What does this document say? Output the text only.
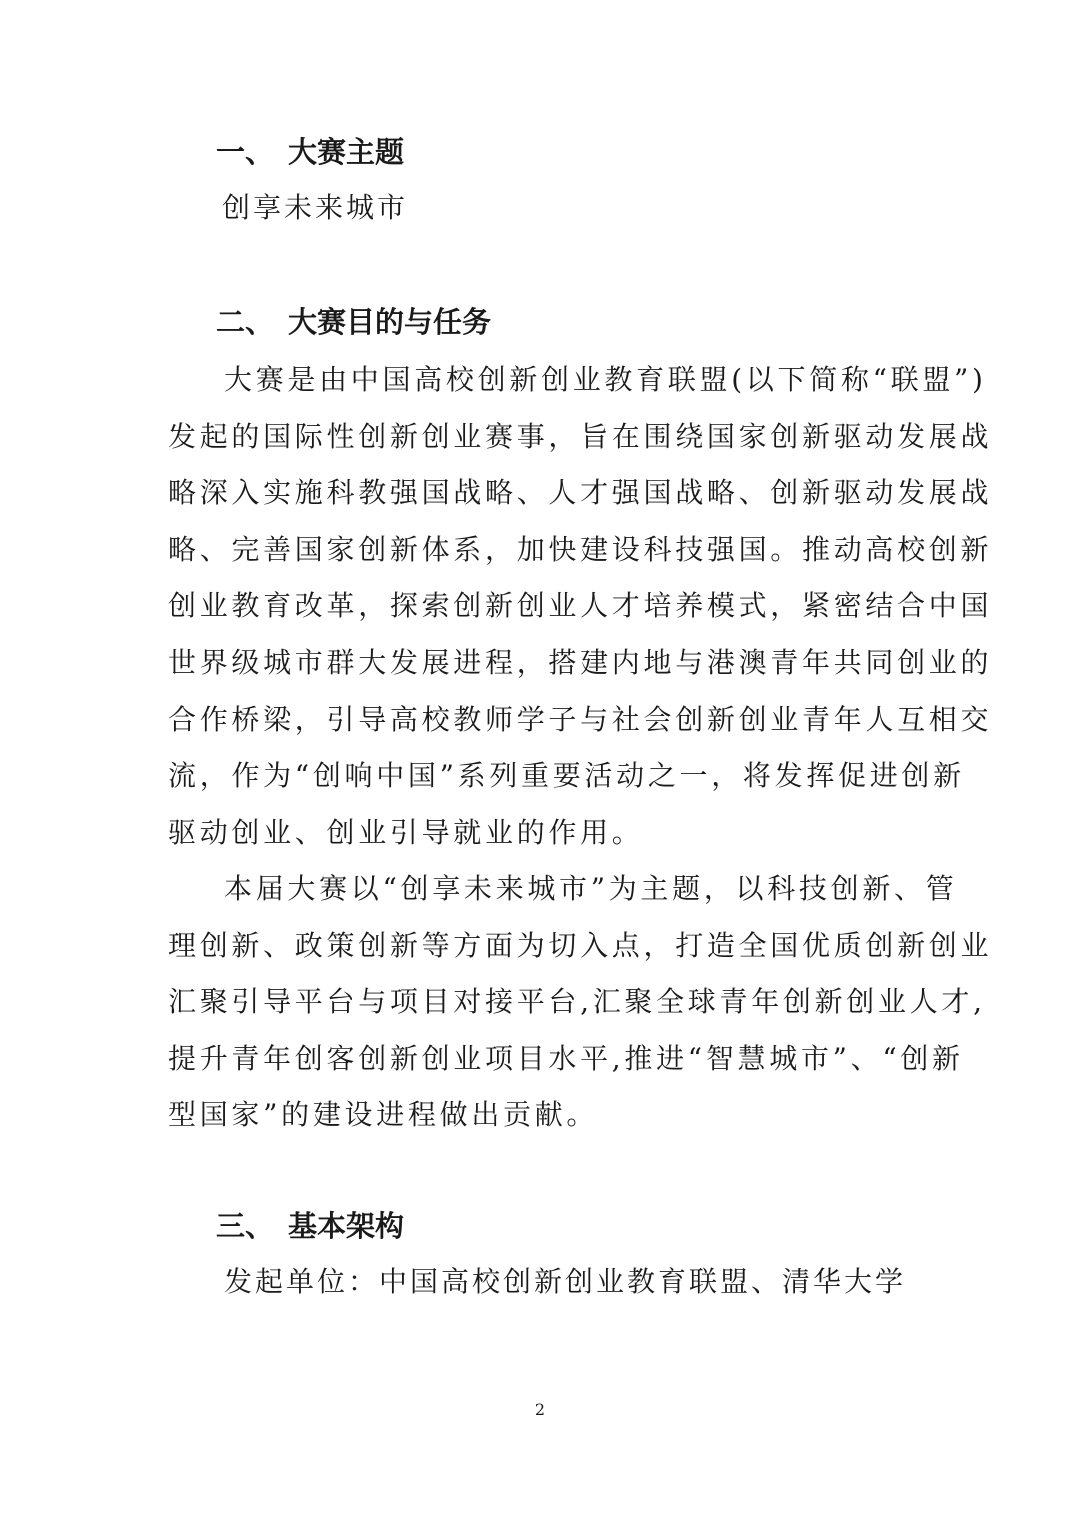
一、 大赛主题

创享未来城市

二、 大赛目的与任务
大赛是由中国高校创新创业教育联盟(以下简称“联盟”)
发起的国际性创新创业赛事，旨在围绕国家创新驱动发展战
略深入实施科教强国战略、人才强国战略、创新驱动发展战
略、完善国家创新体系，加快建设科技强国。推动高校创新
创业教育改革，探索创新创业人才培养模式，紧密结合中国
世界级城市群大发展进程，搭建内地与港澳青年共同创业的
合作桥梁，引导高校教师学子与社会创新创业青年人互相交
流，作为“创响中国”系列重要活动之一，将发挥促进创新
驱动创业、创业引导就业的作用。
本届大赛以“创享未来城市”为主题，以科技创新、管
理创新、政策创新等方面为切入点，打造全国优质创新创业
汇聚引导平台与项目对接平台,汇聚全球青年创新创业人才,
提升青年创客创新创业项目水平,推进“智慧城市”、“创新
型国家”的建设进程做出贡献。
三、 基本架构

发起单位：中国高校创新创业教育联盟、清华大学

2
